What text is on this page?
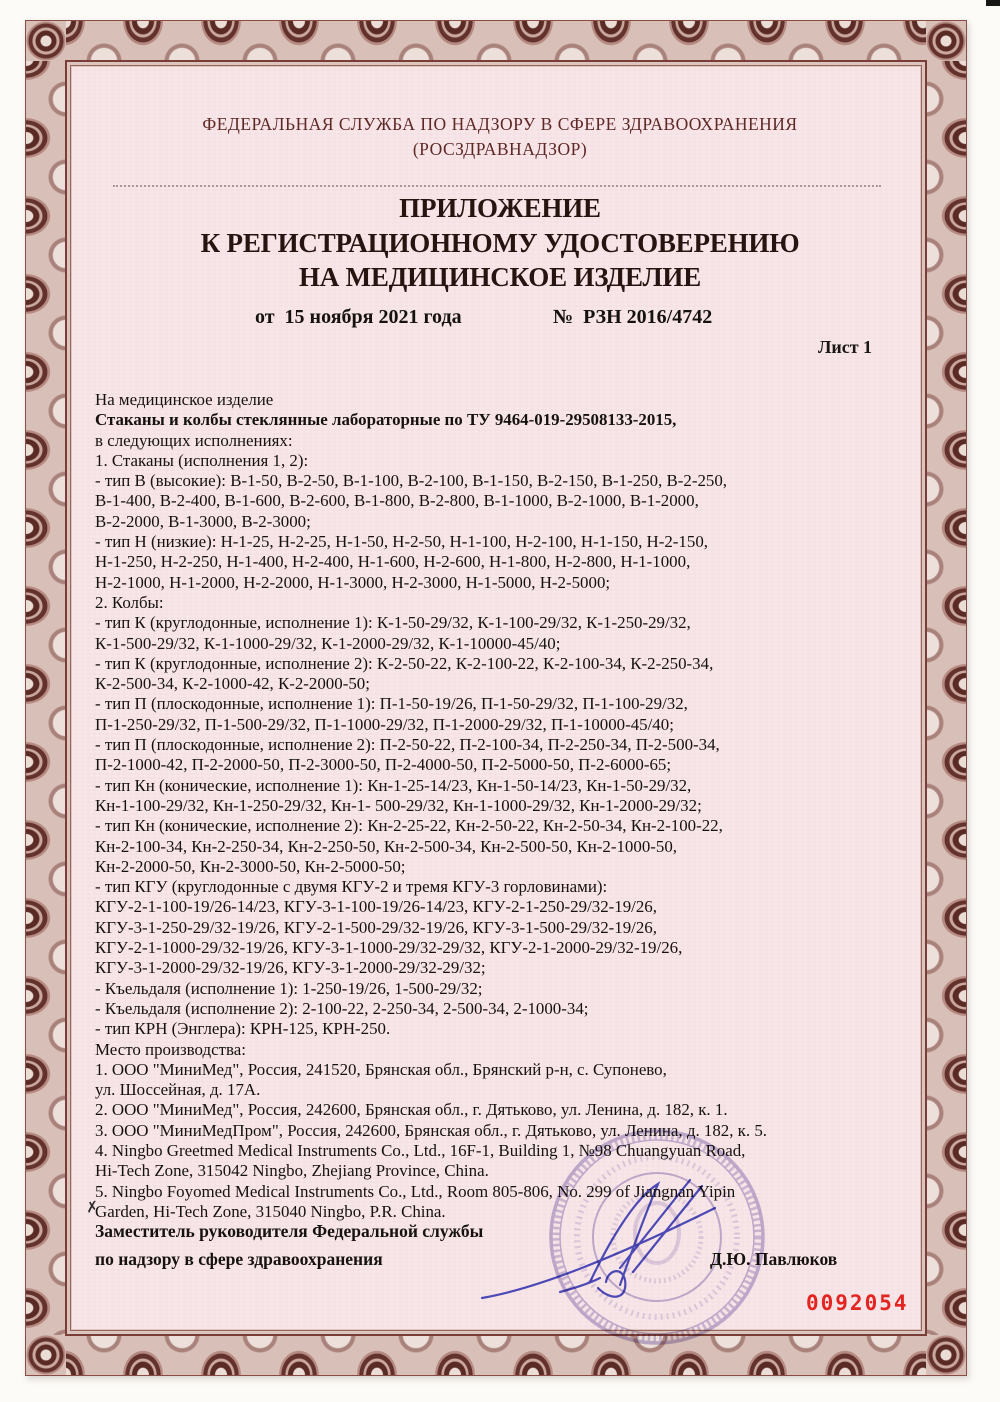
ФЕДЕРАЛЬНАЯ СЛУЖБА ПО НАДЗОРУ В СФЕРЕ ЗДРАВООХРАНЕНИЯ
(РОСЗДРАВНАДЗОР)
ПРИЛОЖЕНИЕ
К РЕГИСТРАЦИОННОМУ УДОСТОВЕРЕНИЮ
НА МЕДИЦИНСКОЕ ИЗДЕЛИЕ
от  15 ноября 2021 года	№  РЗН 2016/4742
Лист 1
На медицинское изделие
Стаканы и колбы стеклянные лабораторные по ТУ 9464-019-29508133-2015,
в следующих исполнениях:
1. Стаканы (исполнения 1, 2):
- тип В (высокие): В-1-50, В-2-50, В-1-100, В-2-100, В-1-150, В-2-150, В-1-250, В-2-250,
В-1-400, В-2-400, В-1-600, В-2-600, В-1-800, В-2-800, В-1-1000, В-2-1000, В-1-2000,
В-2-2000, В-1-3000, В-2-3000;
- тип Н (низкие): Н-1-25, Н-2-25, Н-1-50, Н-2-50, Н-1-100, Н-2-100, Н-1-150, Н-2-150,
Н-1-250, Н-2-250, Н-1-400, Н-2-400, Н-1-600, Н-2-600, Н-1-800, Н-2-800, Н-1-1000,
Н-2-1000, Н-1-2000, Н-2-2000, Н-1-3000, Н-2-3000, Н-1-5000, Н-2-5000;
2. Колбы:
- тип К (круглодонные, исполнение 1): К-1-50-29/32, К-1-100-29/32, К-1-250-29/32,
К-1-500-29/32, К-1-1000-29/32, К-1-2000-29/32, К-1-10000-45/40;
- тип К (круглодонные, исполнение 2): К-2-50-22, К-2-100-22, К-2-100-34, К-2-250-34,
К-2-500-34, К-2-1000-42, К-2-2000-50;
- тип П (плоскодонные, исполнение 1): П-1-50-19/26, П-1-50-29/32, П-1-100-29/32,
П-1-250-29/32, П-1-500-29/32, П-1-1000-29/32, П-1-2000-29/32, П-1-10000-45/40;
- тип П (плоскодонные, исполнение 2): П-2-50-22, П-2-100-34, П-2-250-34, П-2-500-34,
П-2-1000-42, П-2-2000-50, П-2-3000-50, П-2-4000-50, П-2-5000-50, П-2-6000-65;
- тип Кн (конические, исполнение 1): Кн-1-25-14/23, Кн-1-50-14/23, Кн-1-50-29/32,
Кн-1-100-29/32, Кн-1-250-29/32, Кн-1- 500-29/32, Кн-1-1000-29/32, Кн-1-2000-29/32;
- тип Кн (конические, исполнение 2): Кн-2-25-22, Кн-2-50-22, Кн-2-50-34, Кн-2-100-22,
Кн-2-100-34, Кн-2-250-34, Кн-2-250-50, Кн-2-500-34, Кн-2-500-50, Кн-2-1000-50,
Кн-2-2000-50, Кн-2-3000-50, Кн-2-5000-50;
- тип КГУ (круглодонные с двумя КГУ-2 и тремя КГУ-3 горловинами):
КГУ-2-1-100-19/26-14/23, КГУ-3-1-100-19/26-14/23, КГУ-2-1-250-29/32-19/26,
КГУ-3-1-250-29/32-19/26, КГУ-2-1-500-29/32-19/26, КГУ-3-1-500-29/32-19/26,
КГУ-2-1-1000-29/32-19/26, КГУ-3-1-1000-29/32-29/32, КГУ-2-1-2000-29/32-19/26,
КГУ-3-1-2000-29/32-19/26, КГУ-3-1-2000-29/32-29/32;
- Къельдаля (исполнение 1): 1-250-19/26, 1-500-29/32;
- Къельдаля (исполнение 2): 2-100-22, 2-250-34, 2-500-34, 2-1000-34;
- тип КРН (Энглера): КРН-125, КРН-250.
Место производства:
1. ООО "МиниМед", Россия, 241520, Брянская обл., Брянский р-н, с. Супонево,
ул. Шоссейная, д. 17А.
2. ООО "МиниМед", Россия, 242600, Брянская обл., г. Дятьково, ул. Ленина, д. 182, к. 1.
3. ООО "МиниМедПром", Россия, 242600, Брянская обл., г. Дятьково, ул. Ленина, д. 182, к. 5.
4. Ningbo Greetmed Medical Instruments Co., Ltd., 16F-1, Building 1, №98 Chuangyuan Road,
Hi-Tech Zone, 315042 Ningbo, Zhejiang Province, China.
5. Ningbo Foyomed Medical Instruments Co., Ltd., Room 805-806, No. 299 of Jiangnan Yipin
Garden, Hi-Tech Zone, 315040 Ningbo, P.R. China.
✗
Заместитель руководителя Федеральной службы
по надзору в сфере здравоохранения	Д.Ю. Павлюков
0092054
